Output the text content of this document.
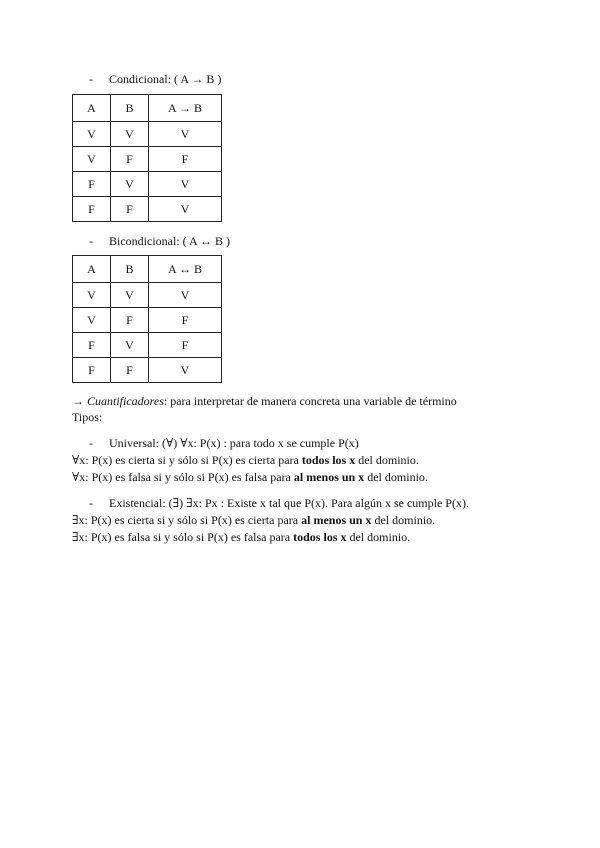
- Condicional: ( A → B )
A	B	A → B
V	V	V
V	F	F
F	V	V
F	F	V
- Bicondicional: ( A ↔ B )
A	B	A ↔ B
V	V	V
V	F	F
F	V	F
F	F	V
→ Cuantificadores: para interpretar de manera concreta una variable de término
Tipos:
- Universal: (∀) ∀x: P(x) : para todo x se cumple P(x)
∀x: P(x) es cierta si y sólo si P(x) es cierta para todos los x del dominio.
∀x: P(x) es falsa si y sólo si P(x) es falsa para al menos un x del dominio.
- Existencial: (∃) ∃x: Px : Existe x tal que P(x). Para algún x se cumple P(x).
∃x: P(x) es cierta si y sólo si P(x) es cierta para al menos un x del dominio.
∃x: P(x) es falsa si y sólo si P(x) es falsa para todos los x del dominio.
